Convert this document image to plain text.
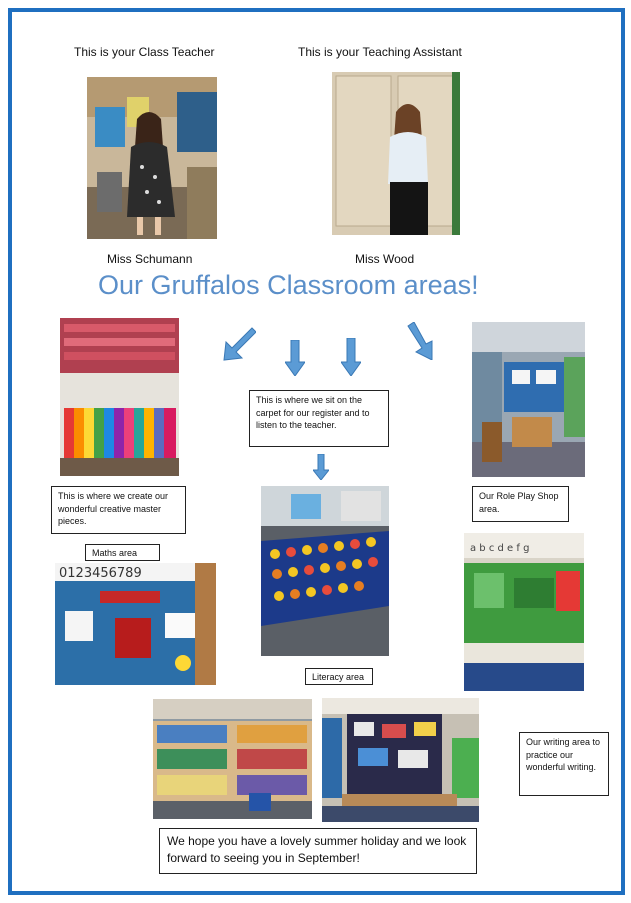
This is your Class Teacher	This is your Teaching Assistant
Miss Schumann	Miss Wood
Our Gruffalos Classroom areas!
This is where we sit on the carpet for our register and to listen to the teacher.
This is where we create our wonderful creative master pieces.
Our Role Play Shop area.
Maths area	a b c d e f g
0123456789
Literacy area
Our writing area to practice our wonderful writing.
We hope you have a lovely summer holiday and we look forward to seeing you in September!
